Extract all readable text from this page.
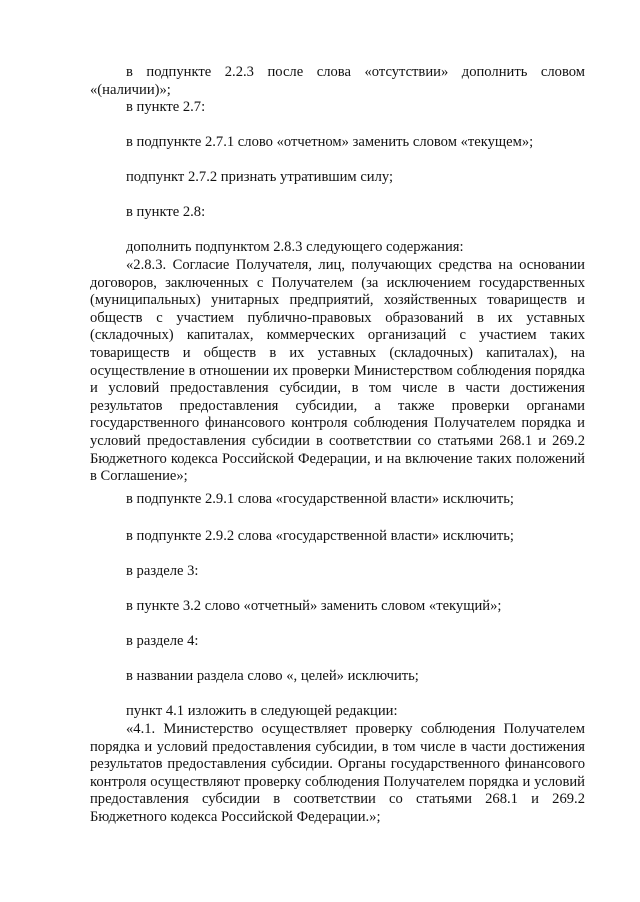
в подпункте 2.2.3 после слова «отсутствии» дополнить словом «(наличии)»;

в пункте 2.7:

в подпункте 2.7.1 слово «отчетном» заменить словом «текущем»;

подпункт 2.7.2 признать утратившим силу;

в пункте 2.8:

дополнить подпунктом 2.8.3 следующего содержания:

«2.8.3. Согласие Получателя, лиц, получающих средства на основании договоров, заключенных с Получателем (за исключением государственных (муниципальных) унитарных предприятий, хозяйственных товариществ и обществ с участием публично-правовых образований в их уставных (складочных) капиталах, коммерческих организаций с участием таких товариществ и обществ в их уставных (складочных) капиталах), на осуществление в отношении их проверки Министерством соблюдения порядка и условий предоставления субсидии, в том числе в части достижения результатов предоставления субсидии, а также проверки органами государственного финансового контроля соблюдения Получателем порядка и условий предоставления субсидии в соответствии со статьями 268.1 и 269.2 Бюджетного кодекса Российской Федерации, и на включение таких положений в Соглашение»;

в подпункте 2.9.1 слова «государственной власти» исключить;

в подпункте 2.9.2 слова «государственной власти» исключить;

в разделе 3:

в пункте 3.2 слово «отчетный» заменить словом «текущий»;

в разделе 4:

в названии раздела слово «, целей» исключить;

пункт 4.1 изложить в следующей редакции:

«4.1. Министерство осуществляет проверку соблюдения Получателем порядка и условий предоставления субсидии, в том числе в части достижения результатов предоставления субсидии. Органы государственного финансового контроля осуществляют проверку соблюдения Получателем порядка и условий предоставления субсидии в соответствии со статьями 268.1 и 269.2 Бюджетного кодекса Российской Федерации.»;
